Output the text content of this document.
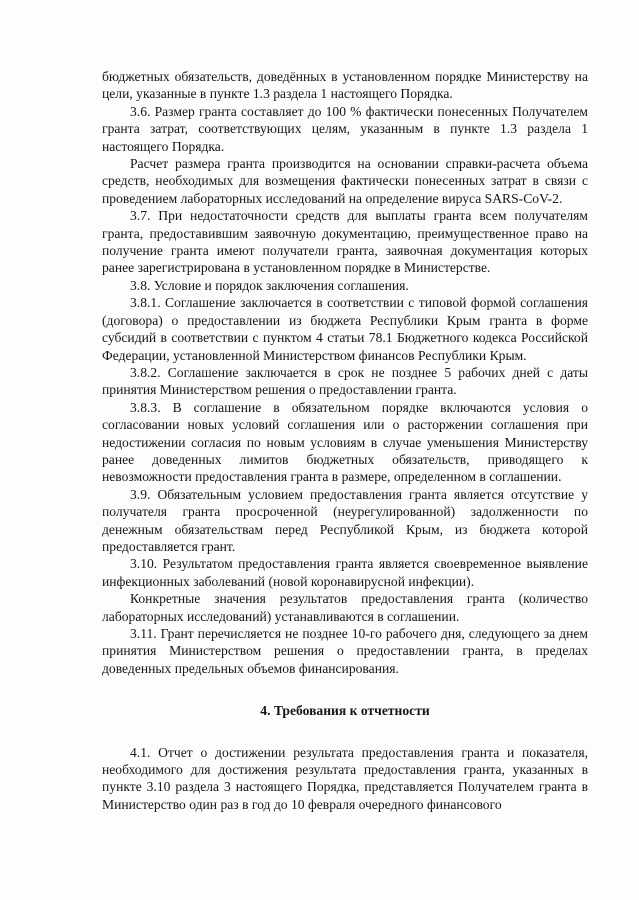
бюджетных обязательств, доведённых в установленном порядке Министерству на цели, указанные в пункте 1.3 раздела 1 настоящего Порядка.

3.6. Размер гранта составляет до 100 % фактически понесенных Получателем гранта затрат, соответствующих целям, указанным в пункте 1.3 раздела 1 настоящего Порядка.

Расчет размера гранта производится на основании справки-расчета объема средств, необходимых для возмещения фактически понесенных затрат в связи с проведением лабораторных исследований на определение вируса SARS-CoV-2.

3.7. При недостаточности средств для выплаты гранта всем получателям гранта, предоставившим заявочную документацию, преимущественное право на получение гранта имеют получатели гранта, заявочная документация которых ранее зарегистрирована в установленном порядке в Министерстве.

3.8. Условие и порядок заключения соглашения.

3.8.1. Соглашение заключается в соответствии с типовой формой соглашения (договора) о предоставлении из бюджета Республики Крым гранта в форме субсидий в соответствии с пунктом 4 статьи 78.1 Бюджетного кодекса Российской Федерации, установленной Министерством финансов Республики Крым.

3.8.2. Соглашение заключается в срок не позднее 5 рабочих дней с даты принятия Министерством решения о предоставлении гранта.

3.8.3. В соглашение в обязательном порядке включаются условия о согласовании новых условий соглашения или о расторжении соглашения при недостижении согласия по новым условиям в случае уменьшения Министерству ранее доведенных лимитов бюджетных обязательств, приводящего к невозможности предоставления гранта в размере, определенном в соглашении.

3.9. Обязательным условием предоставления гранта является отсутствие у получателя гранта просроченной (неурегулированной) задолженности по денежным обязательствам перед Республикой Крым, из бюджета которой предоставляется грант.

3.10. Результатом предоставления гранта является своевременное выявление инфекционных заболеваний (новой коронавирусной инфекции).

Конкретные значения результатов предоставления гранта (количество лабораторных исследований) устанавливаются в соглашении.

3.11. Грант перечисляется не позднее 10-го рабочего дня, следующего за днем принятия Министерством решения о предоставлении гранта, в пределах доведенных предельных объемов финансирования.

4. Требования к отчетности

4.1. Отчет о достижении результата предоставления гранта и показателя, необходимого для достижения результата предоставления гранта, указанных в пункте 3.10 раздела 3 настоящего Порядка, представляется Получателем гранта в Министерство один раз в год до 10 февраля очередного финансового
